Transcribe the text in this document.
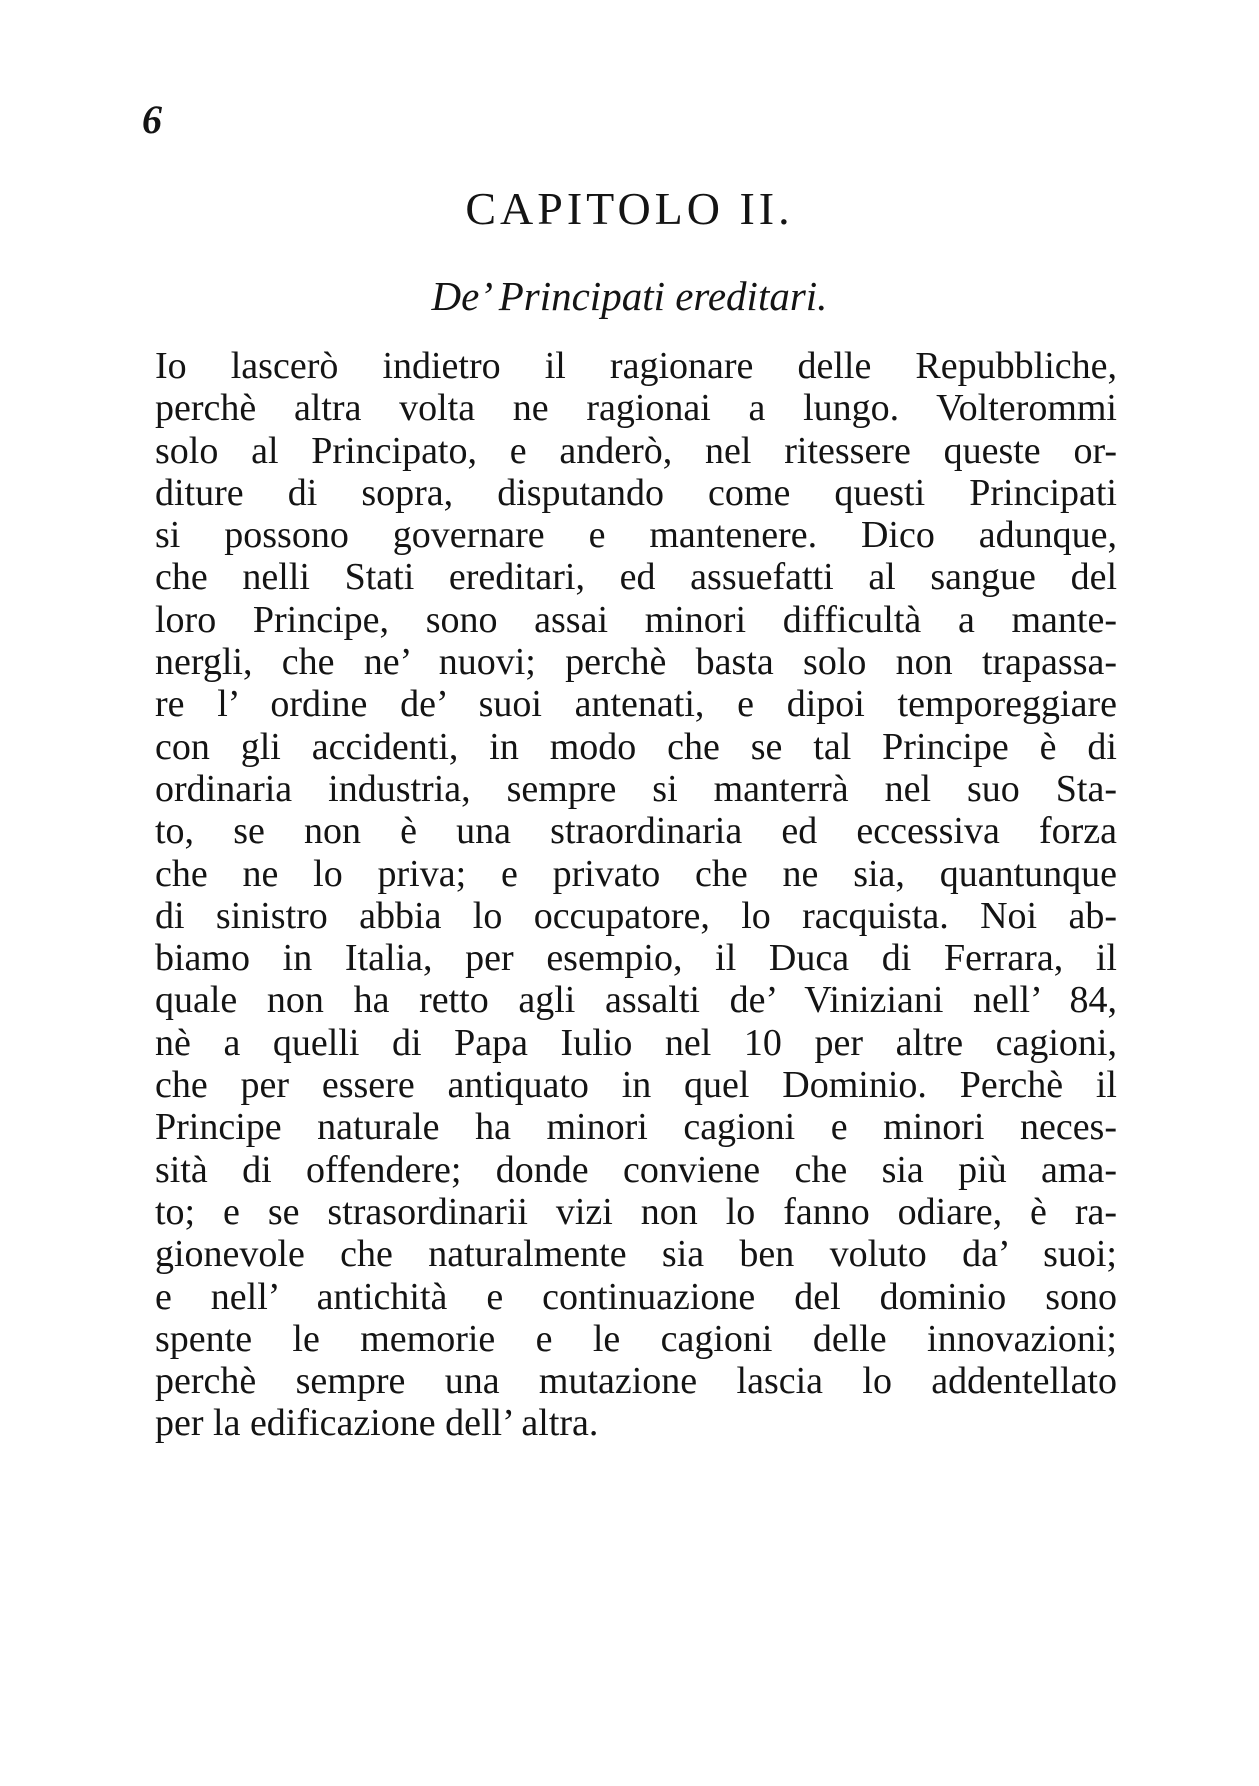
6
CAPITOLO II.
De’ Principati ereditari.
Io lascerò indietro il ragionare delle Repubbliche,
perchè altra volta ne ragionai a lungo. Volterommi
solo al Principato, e anderò, nel ritessere queste or-
diture di sopra, disputando come questi Principati
si possono governare e mantenere. Dico adunque,
che nelli Stati ereditari, ed assuefatti al sangue del
loro Principe, sono assai minori difficultà a mante-
nergli, che ne’ nuovi; perchè basta solo non trapassa-
re l’ ordine de’ suoi antenati, e dipoi temporeggiare
con gli accidenti, in modo che se tal Principe è di
ordinaria industria, sempre si manterrà nel suo Sta-
to, se non è una straordinaria ed eccessiva forza
che ne lo priva; e privato che ne sia, quantunque
di sinistro abbia lo occupatore, lo racquista. Noi ab-
biamo in Italia, per esempio, il Duca di Ferrara, il
quale non ha retto agli assalti de’ Viniziani nell’ 84,
nè a quelli di Papa Iulio nel 10 per altre cagioni,
che per essere antiquato in quel Dominio. Perchè il
Principe naturale ha minori cagioni e minori neces-
sità di offendere; donde conviene che sia più ama-
to; e se strasordinarii vizi non lo fanno odiare, è ra-
gionevole che naturalmente sia ben voluto da’ suoi;
e nell’ antichità e continuazione del dominio sono
spente le memorie e le cagioni delle innovazioni;
perchè sempre una mutazione lascia lo addentellato
per la edificazione dell’ altra.
